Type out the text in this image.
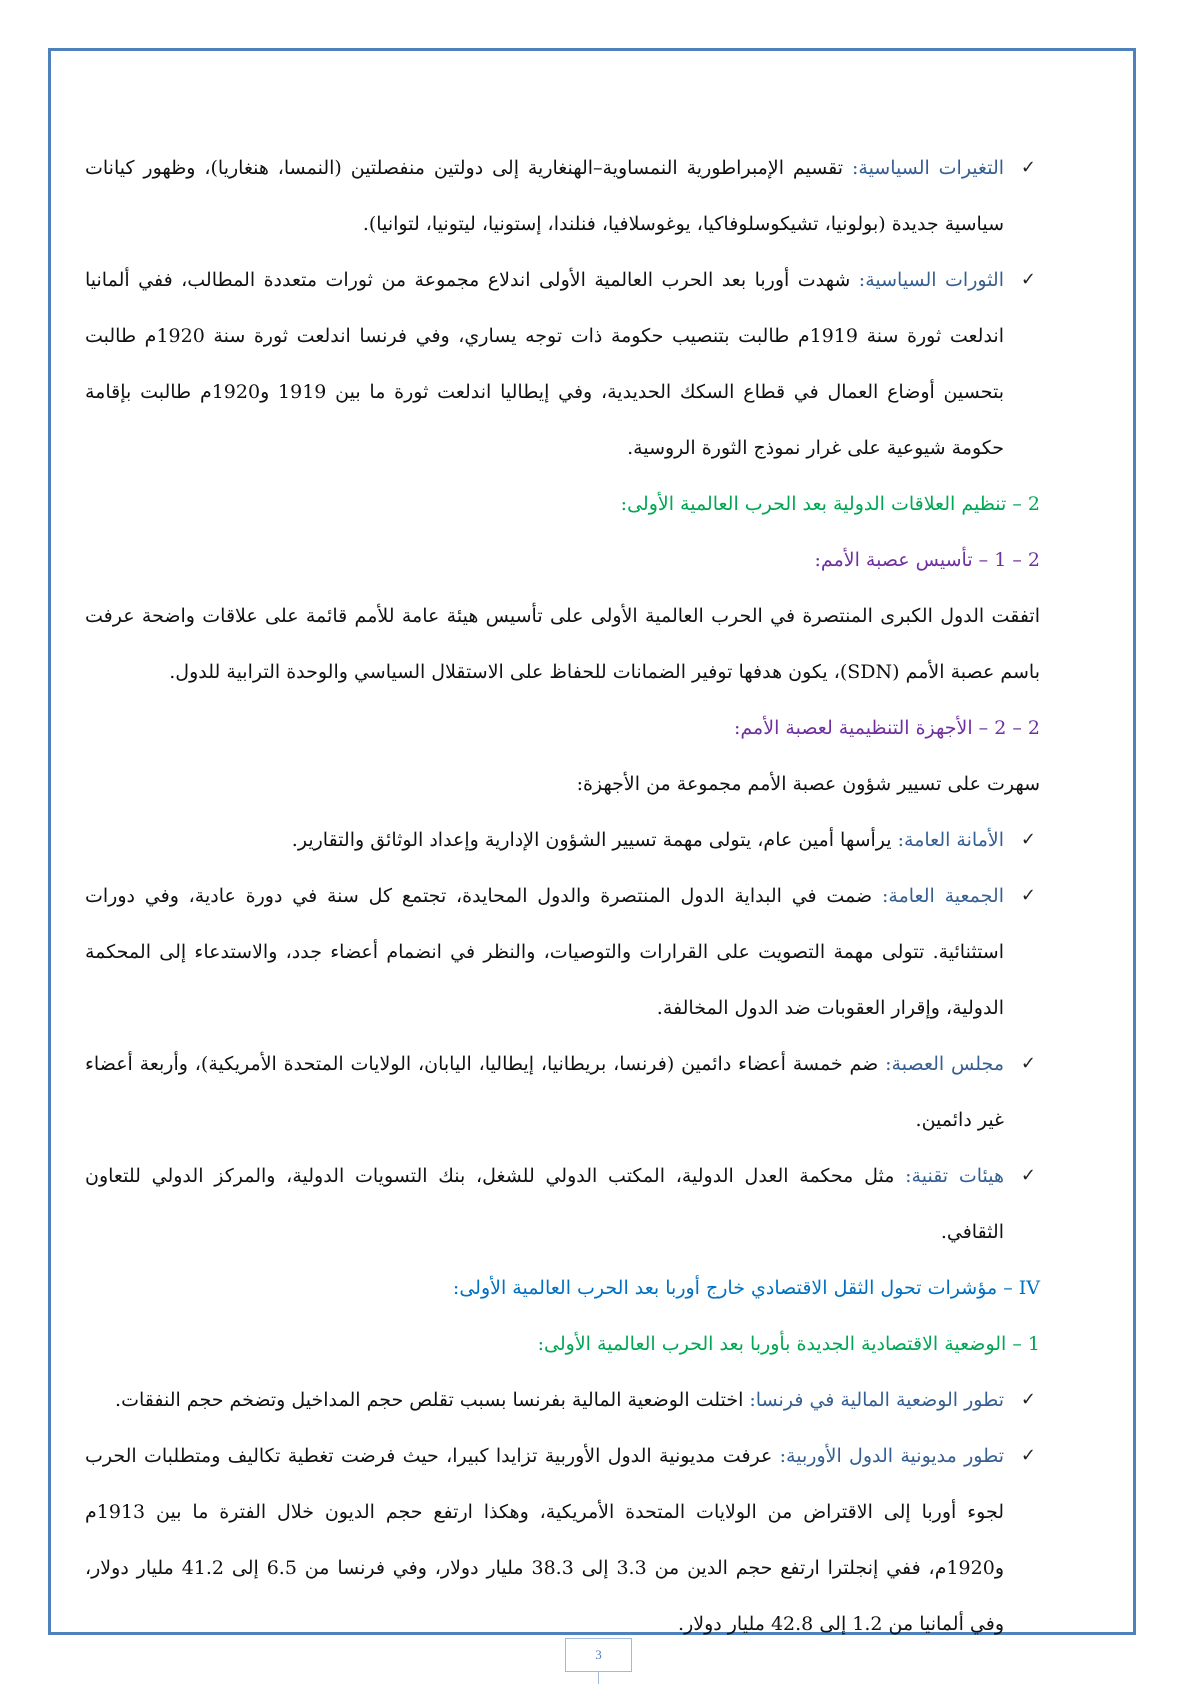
✓
التغيرات السياسية: تقسيم الإمبراطورية النمساوية–الهنغارية إلى دولتين منفصلتين (النمسا، هنغاريا)، وظهور كيانات سياسية جديدة (بولونيا، تشيكوسلوفاكيا، يوغوسلافيا، فنلندا، إستونيا، ليتونيا، لتوانيا).

✓
الثورات السياسية: شهدت أوربا بعد الحرب العالمية الأولى اندلاع مجموعة من ثورات متعددة المطالب، ففي ألمانيا اندلعت ثورة سنة 1919م طالبت بتنصيب حكومة ذات توجه يساري، وفي فرنسا اندلعت ثورة سنة 1920م طالبت بتحسين أوضاع العمال في قطاع السكك الحديدية، وفي إيطاليا اندلعت ثورة ما بين 1919 و1920م طالبت بإقامة حكومة شيوعية على غرار نموذج الثورة الروسية.

2 – تنظيم العلاقات الدولية بعد الحرب العالمية الأولى:

2 – 1 – تأسيس عصبة الأمم:

اتفقت الدول الكبرى المنتصرة في الحرب العالمية الأولى على تأسيس هيئة عامة للأمم قائمة على علاقات واضحة عرفت باسم عصبة الأمم (SDN)، يكون هدفها توفير الضمانات للحفاظ على الاستقلال السياسي والوحدة الترابية للدول.

2 – 2 – الأجهزة التنظيمية لعصبة الأمم:

سهرت على تسيير شؤون عصبة الأمم مجموعة من الأجهزة:

✓
الأمانة العامة: يرأسها أمين عام، يتولى مهمة تسيير الشؤون الإدارية وإعداد الوثائق والتقارير.

✓
الجمعية العامة: ضمت في البداية الدول المنتصرة والدول المحايدة، تجتمع كل سنة في دورة عادية، وفي دورات استثنائية. تتولى مهمة التصويت على القرارات والتوصيات، والنظر في انضمام أعضاء جدد، والاستدعاء إلى المحكمة الدولية، وإقرار العقوبات ضد الدول المخالفة.

✓
مجلس العصبة: ضم خمسة أعضاء دائمين (فرنسا، بريطانيا، إيطاليا، اليابان، الولايات المتحدة الأمريكية)، وأربعة أعضاء غير دائمين.

✓
هيئات تقنية: مثل محكمة العدل الدولية، المكتب الدولي للشغل، بنك التسويات الدولية، والمركز الدولي للتعاون الثقافي.

IV – مؤشرات تحول الثقل الاقتصادي خارج أوربا بعد الحرب العالمية الأولى:

1 – الوضعية الاقتصادية الجديدة بأوربا بعد الحرب العالمية الأولى:

✓
تطور الوضعية المالية في فرنسا: اختلت الوضعية المالية بفرنسا بسبب تقلص حجم المداخيل وتضخم حجم النفقات.

✓
تطور مديونية الدول الأوربية: عرفت مديونية الدول الأوربية تزايدا كبيرا، حيث فرضت تغطية تكاليف ومتطلبات الحرب لجوء أوربا إلى الاقتراض من الولايات المتحدة الأمريكية، وهكذا ارتفع حجم الديون خلال الفترة ما بين 1913م و1920م، ففي إنجلترا ارتفع حجم الدين من 3.3 إلى 38.3 مليار دولار، وفي فرنسا من 6.5 إلى 41.2 مليار دولار، وفي ألمانيا من 1.2 إلى 42.8 مليار دولار.

3
